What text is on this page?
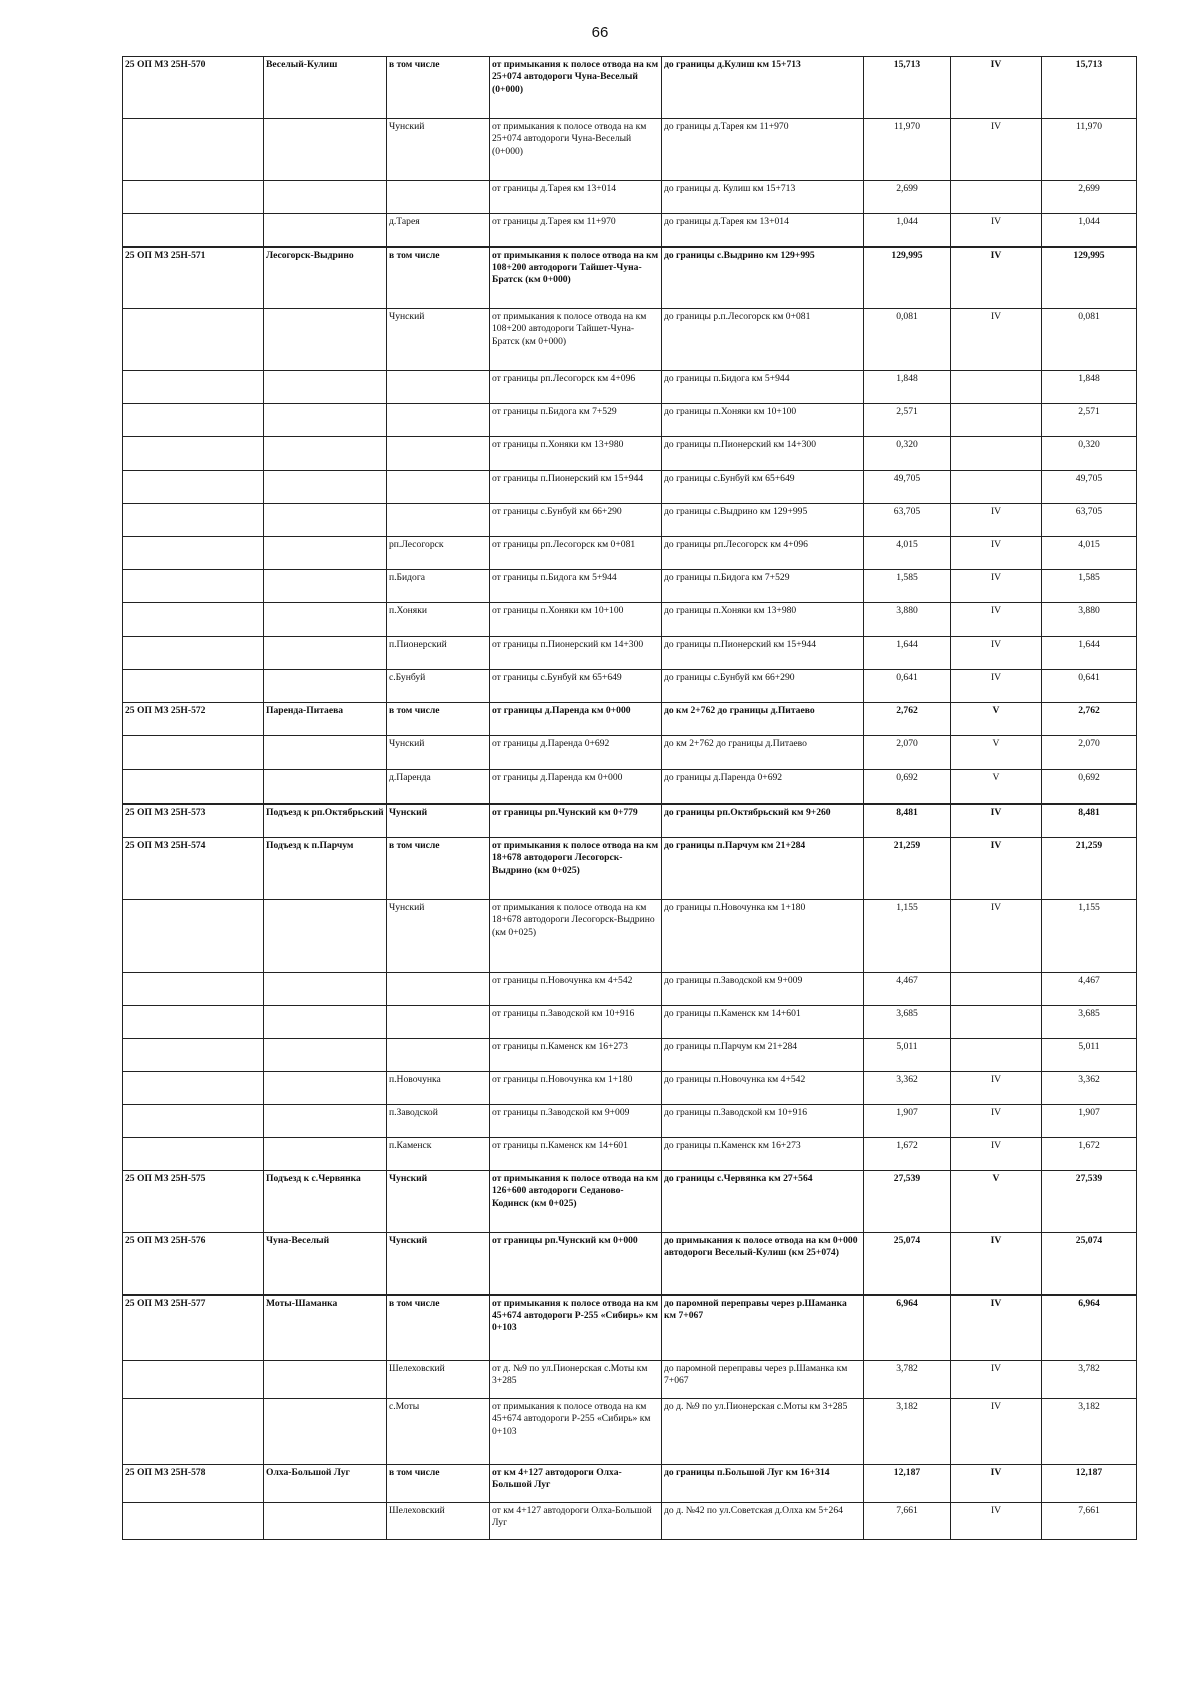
66
25 ОП МЗ 25Н-570	Веселый-Кулиш	в том числе	от примыкания к полосе отвода на км 25+074 автодороги Чуна-Веселый (0+000)	до границы д.Кулиш км 15+713	15,713	IV	15,713
		Чунский	от примыкания к полосе отвода на км 25+074 автодороги Чуна-Веселый (0+000)	до границы д.Тарея км 11+970	11,970	IV	11,970
			от границы д.Тарея км 13+014	до границы д. Кулиш км 15+713	2,699		2,699
		д.Тарея	от границы д.Тарея км 11+970	до границы д.Тарея км 13+014	1,044	IV	1,044
25 ОП МЗ 25Н-571	Лесогорск-Выдрино	в том числе	от примыкания к полосе отвода на км 108+200 автодороги Тайшет-Чуна-Братск (км 0+000)	до границы с.Выдрино км 129+995	129,995	IV	129,995
		Чунский	от примыкания к полосе отвода на км 108+200 автодороги Тайшет-Чуна-Братск (км 0+000)	до границы р.п.Лесогорск км 0+081	0,081	IV	0,081
			от границы рп.Лесогорск км 4+096	до границы п.Бидога км 5+944	1,848		1,848
			от границы п.Бидога км 7+529	до границы п.Хоняки км 10+100	2,571		2,571
			от границы п.Хоняки км 13+980	до границы п.Пионерский км 14+300	0,320		0,320
			от границы п.Пионерский км 15+944	до границы с.Бунбуй км 65+649	49,705		49,705
			от границы с.Бунбуй км 66+290	до границы с.Выдрино км 129+995	63,705	IV	63,705
		рп.Лесогорск	от границы рп.Лесогорск км 0+081	до границы рп.Лесогорск км 4+096	4,015	IV	4,015
		п.Бидога	от границы п.Бидога км 5+944	до границы п.Бидога км 7+529	1,585	IV	1,585
		п.Хоняки	от границы п.Хоняки км 10+100	до границы п.Хоняки км 13+980	3,880	IV	3,880
		п.Пионерский	от границы п.Пионерский км 14+300	до границы п.Пионерский км 15+944	1,644	IV	1,644
		с.Бунбуй	от границы с.Бунбуй км 65+649	до границы с.Бунбуй км 66+290	0,641	IV	0,641
25 ОП МЗ 25Н-572	Паренда-Питаева	в том числе	от границы д.Паренда км 0+000	до км 2+762 до границы д.Питаево	2,762	V	2,762
		Чунский	от границы д.Паренда 0+692	до км 2+762 до границы д.Питаево	2,070	V	2,070
		д.Паренда	от границы д.Паренда км 0+000	до границы д.Паренда 0+692	0,692	V	0,692
25 ОП МЗ 25Н-573	Подъезд к рп.Октябрьский	Чунский	от границы рп.Чунский км 0+779	до границы рп.Октябрьский км 9+260	8,481	IV	8,481
25 ОП МЗ 25Н-574	Подъезд к п.Парчум	в том числе	от примыкания к полосе отвода на км 18+678 автодороги Лесогорск-Выдрино (км 0+025)	до границы п.Парчум км 21+284	21,259	IV	21,259
		Чунский	от примыкания к полосе отвода на км 18+678 автодороги Лесогорск-Выдрино (км 0+025)	до границы п.Новочунка км 1+180	1,155	IV	1,155
			от границы п.Новочунка км 4+542	до границы п.Заводской км 9+009	4,467		4,467
			от границы п.Заводской км 10+916	до границы п.Каменск км 14+601	3,685		3,685
			от границы п.Каменск км 16+273	до границы п.Парчум км 21+284	5,011		5,011
		п.Новочунка	от границы п.Новочунка км 1+180	до границы п.Новочунка км 4+542	3,362	IV	3,362
		п.Заводской	от границы п.Заводской км 9+009	до границы п.Заводской км 10+916	1,907	IV	1,907
		п.Каменск	от границы п.Каменск км 14+601	до границы п.Каменск км 16+273	1,672	IV	1,672
25 ОП МЗ 25Н-575	Подъезд к с.Червянка	Чунский	от примыкания к полосе отвода на км 126+600 автодороги Седаново-Кодинск (км 0+025)	до границы с.Червянка км 27+564	27,539	V	27,539
25 ОП МЗ 25Н-576	Чуна-Веселый	Чунский	от границы рп.Чунский км 0+000	до примыкания к полосе отвода на км 0+000 автодороги Веселый-Кулиш (км 25+074)	25,074	IV	25,074
25 ОП МЗ 25Н-577	Моты-Шаманка	в том числе	от примыкания к полосе отвода на км 45+674 автодороги Р-255 «Сибирь» км 0+103	до паромной переправы через р.Шаманка км 7+067	6,964	IV	6,964
		Шелеховский	от д. №9 по ул.Пионерская с.Моты км 3+285	до паромной переправы через р.Шаманка км 7+067	3,782	IV	3,782
		с.Моты	от примыкания к полосе отвода на км 45+674 автодороги Р-255 «Сибирь» км 0+103	до д. №9 по ул.Пионерская с.Моты км 3+285	3,182	IV	3,182
25 ОП МЗ 25Н-578	Олха-Большой Луг	в том числе	от км 4+127 автодороги Олха-Большой Луг	до границы п.Большой Луг км 16+314	12,187	IV	12,187
		Шелеховский	от км 4+127 автодороги Олха-Большой Луг	до д. №42 по ул.Советская д.Олха км 5+264	7,661	IV	7,661
